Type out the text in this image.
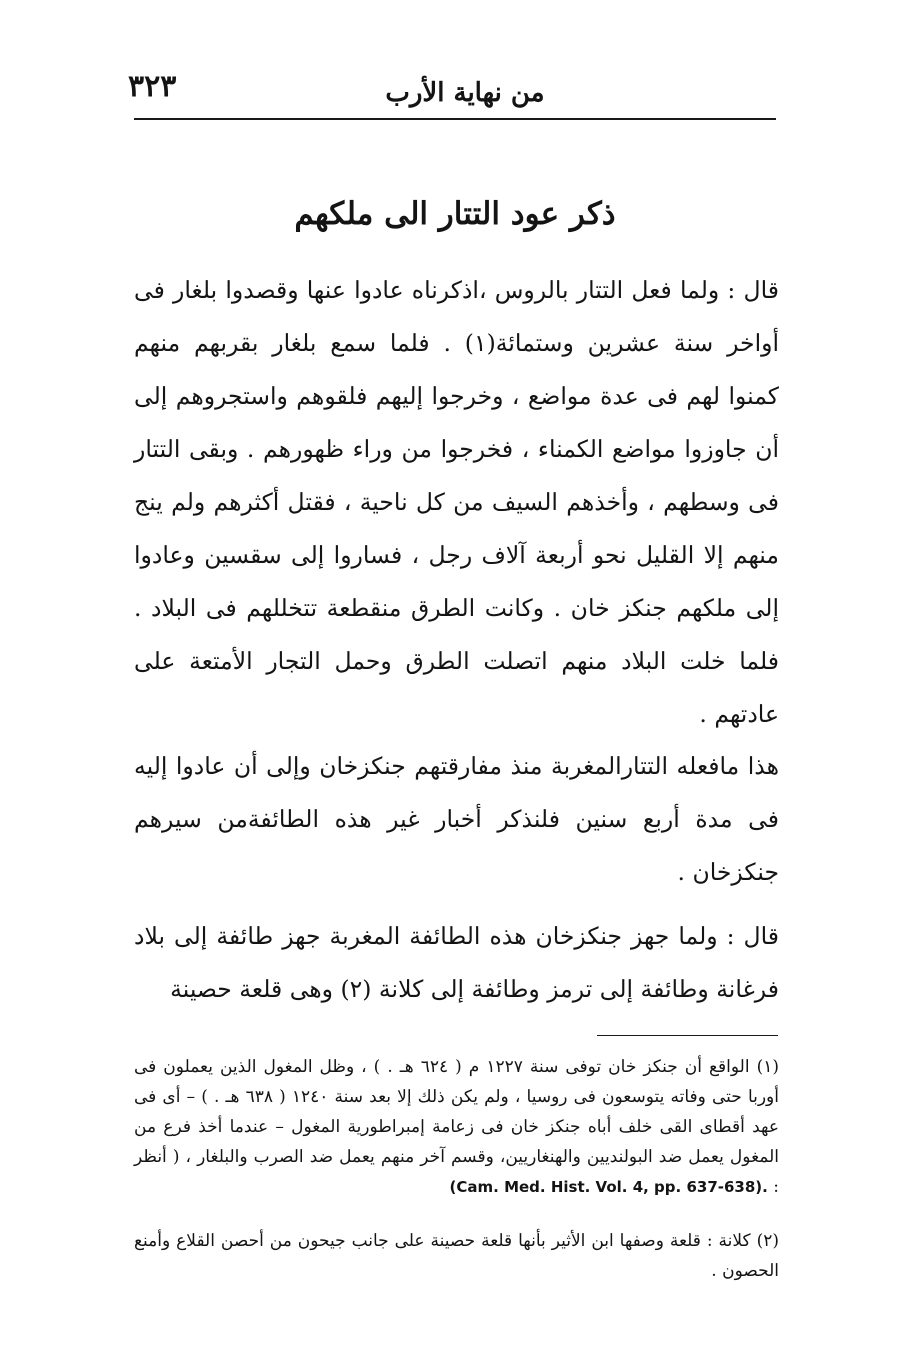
٣٢٣	من نهاية الأرب
ذكر عود التتار الى ملكهم
قال : ولما فعل التتار بالروس ،اذكرناه عادوا عنها وقصدوا بلغار فى أواخر سنة عشرين وستمائة(١) . فلما سمع بلغار بقربهم منهم كمنوا لهم فى عدة مواضع ، وخرجوا إليهم فلقوهم واستجروهم إلى أن جاوزوا مواضع الكمناء ، فخرجوا من وراء ظهورهم . وبقى التتار فى وسطهم ، وأخذهم السيف من كل ناحية ، فقتل أكثرهم ولم ينج منهم إلا القليل نحو أربعة آلاف رجل ، فساروا إلى سقسين وعادوا إلى ملكهم جنكز خان . وكانت الطرق منقطعة تتخللهم فى البلاد . فلما خلت البلاد منهم اتصلت الطرق وحمل التجار الأمتعة على عادتهم .
هذا مافعله التتارالمغربة منذ مفارقتهم جنكزخان وإلى أن عادوا إليه فى مدة أربع سنين فلنذكر أخبار غير هذه الطائفةمن سيرهم جنكزخان .
قال : ولما جهز جنكزخان هذه الطائفة المغربة جهز طائفة إلى بلاد فرغانة وطائفة إلى ترمز وطائفة إلى كلانة (٢) وهى قلعة حصينة
(١) الواقع أن جنكز خان توفى سنة ١٢٢٧ م ( ٦٢٤ هـ . ) ، وظل المغول الذين يعملون فى أوربا حتى وفاته يتوسعون فى روسيا ، ولم يكن ذلك إلا بعد سنة ١٢٤٠ ( ٦٣٨ هـ . ) – أى فى عهد أقطاى القى خلف أباه جنكز خان فى زعامة إمبراطورية المغول – عندما أخذ فرع من المغول يعمل ضد البولنديين والهنغاريين، وقسم آخر منهم يعمل ضد الصرب والبلغار ، ( أنظر : (Cam. Med. Hist. Vol. 4, pp. 637-638).
(٢) كلانة : قلعة وصفها ابن الأثير بأنها قلعة حصينة على جانب جيحون من أحصن القلاع وأمنع الحصون .
